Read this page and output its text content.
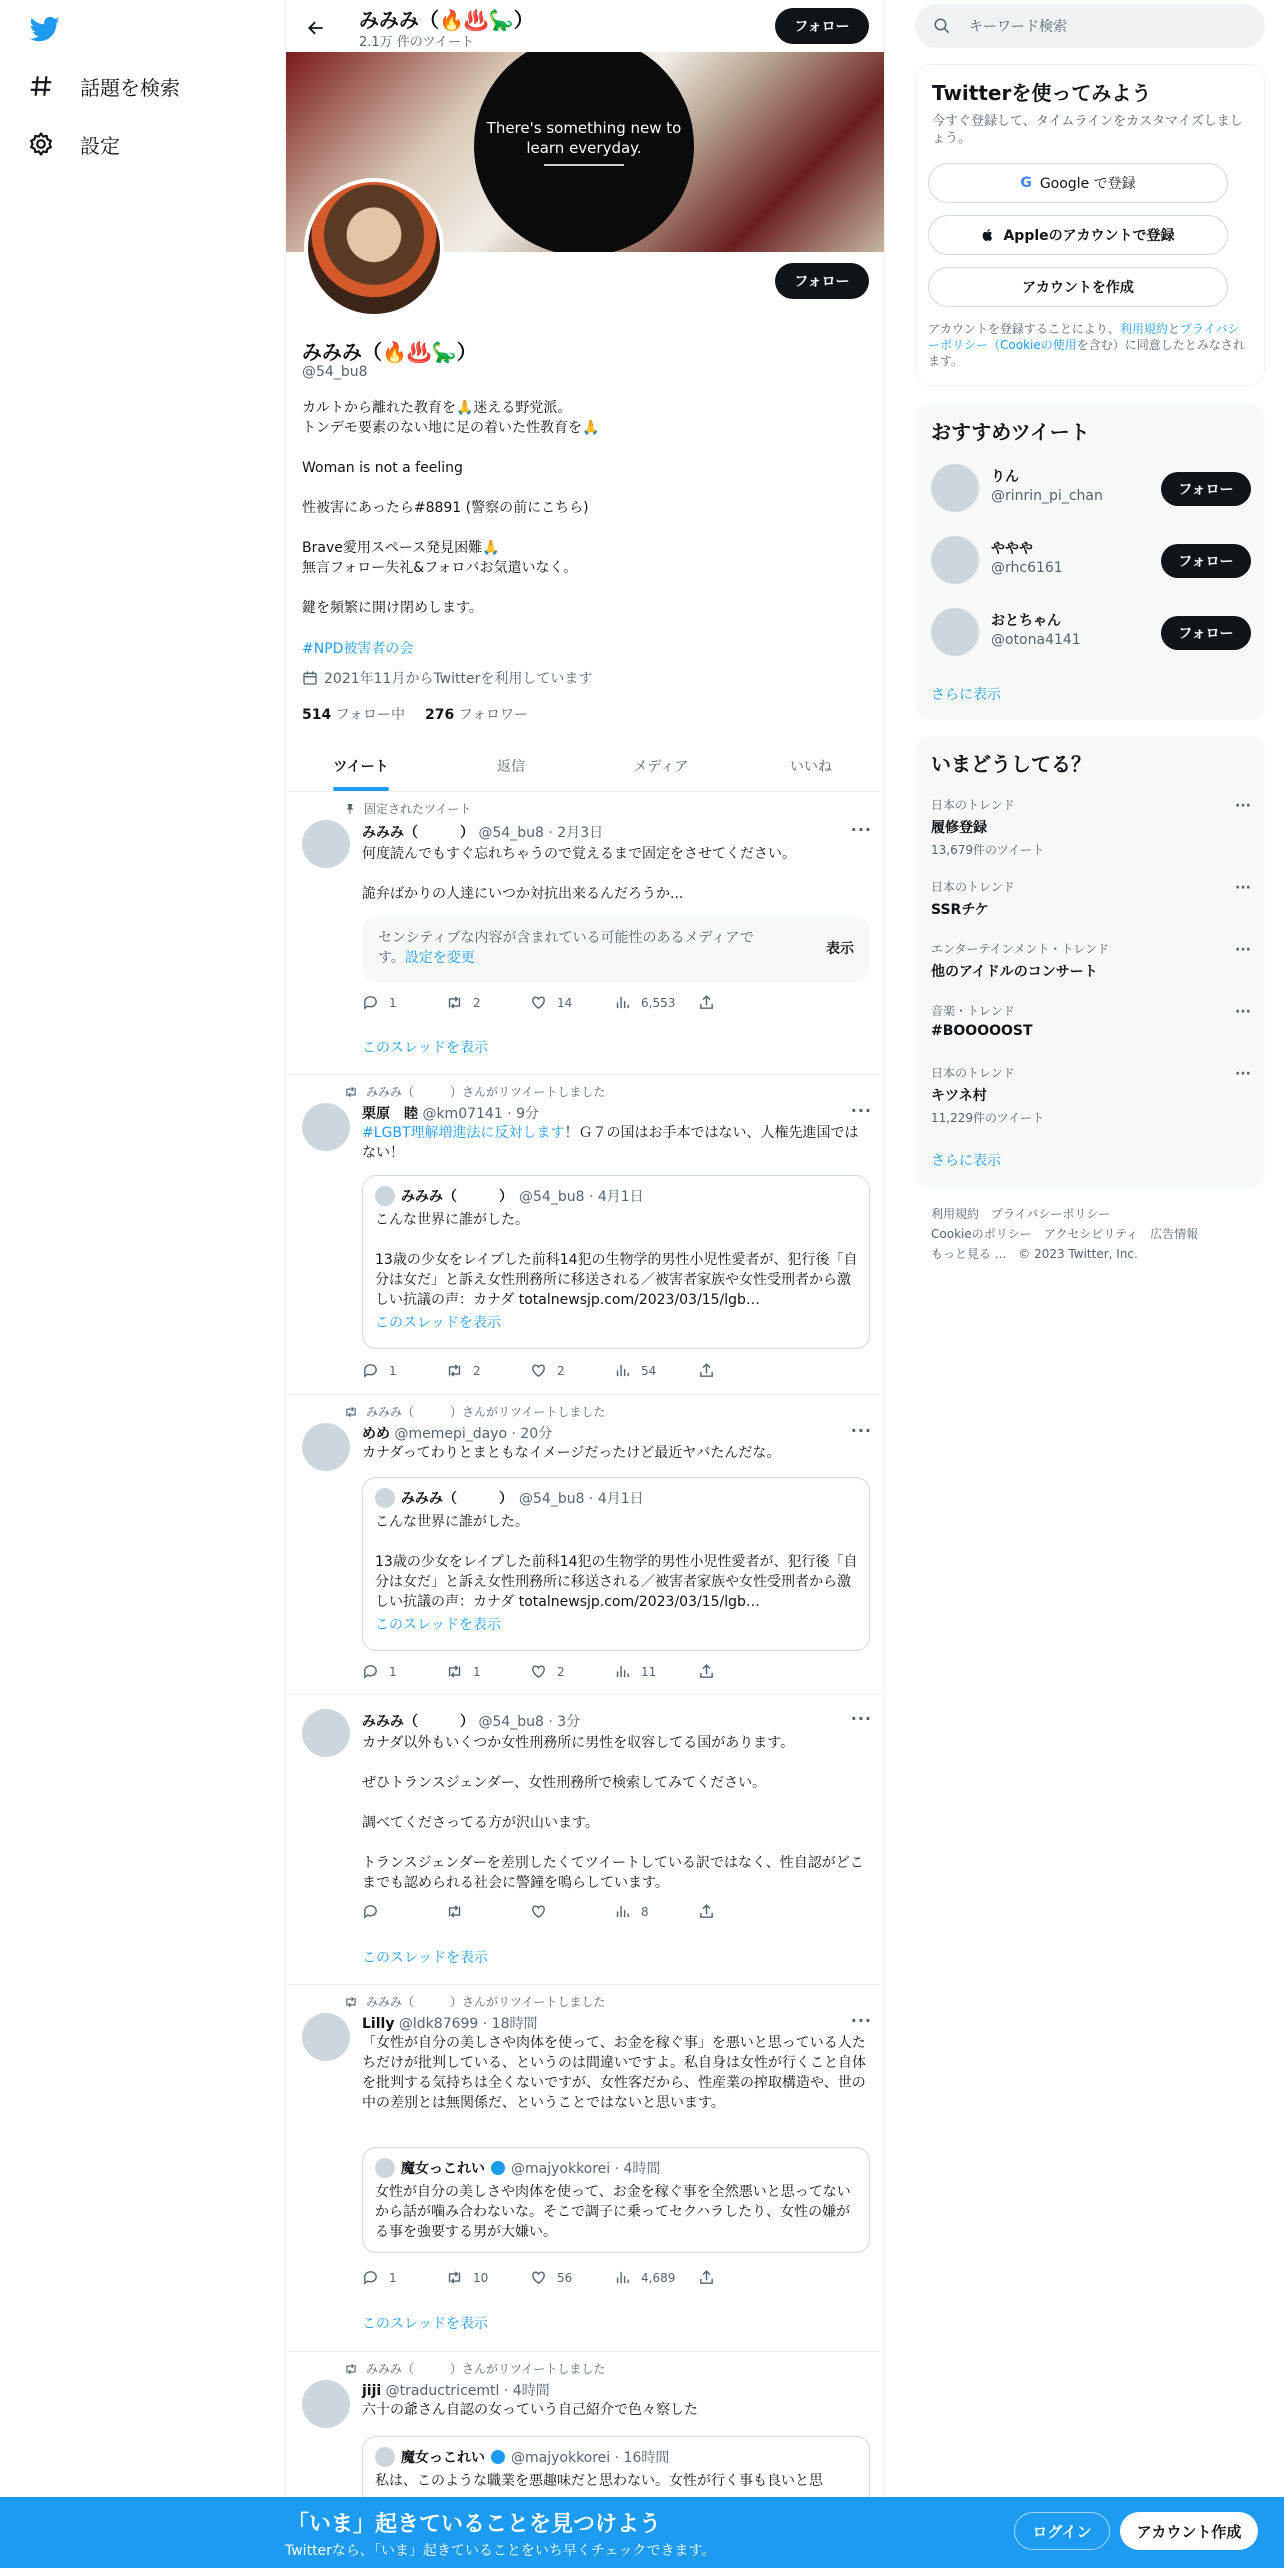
話題を検索
設定
みみみ（🔥♨️🦕）
2.1万 件のツイート
フォロー
There's something new to learn everyday.
フォロー
みみみ（🔥♨️🦕）
@54_bu8
カルトから離れた教育を🙏迷える野党派。
トンデモ要素のない地に足の着いた性教育を🙏

Woman is not a feeling

性被害にあったら#8891 (警察の前にこちら)

Brave愛用スペース発見困難🙏
無言フォロー失礼&フォロバお気遣いなく。

鍵を頻繁に開け閉めします。
#NPD被害者の会
2021年11月からTwitterを利用しています
514 フォロー中 276 フォロワー
ツイート	返信	メディア	いいね
固定されたツイート
みみみ（　　　） @54_bu8 · 2月3日	···
何度読んでもすぐ忘れちゃうので覚えるまで固定をさせてください。

詭弁ばかりの人達にいつか対抗出来るんだろうか...
センシティブな内容が含まれている可能性のあるメディアです。設定を変更
表示
1	2	14	6,553
このスレッドを表示
みみみ（　　　）さんがリツイートしました
栗原　睦 @km07141 · 9分	···
#LGBT理解増進法に反対します！Ｇ７の国はお手本ではない、人権先進国ではない！
みみみ（　　　） @54_bu8 · 4月1日
こんな世界に誰がした。

13歳の少女をレイプした前科14犯の生物学的男性小児性愛者が、犯行後「自分は女だ」と訴え女性刑務所に移送される／被害者家族や女性受刑者から激しい抗議の声：カナダ totalnewsjp.com/2023/03/15/lgb…
このスレッドを表示
1	2	2	54
みみみ（　　　）さんがリツイートしました
めめ @memepi_dayo · 20分	···
カナダってわりとまともなイメージだったけど最近ヤバたんだな。
みみみ（　　　） @54_bu8 · 4月1日
こんな世界に誰がした。

13歳の少女をレイプした前科14犯の生物学的男性小児性愛者が、犯行後「自分は女だ」と訴え女性刑務所に移送される／被害者家族や女性受刑者から激しい抗議の声：カナダ totalnewsjp.com/2023/03/15/lgb…
このスレッドを表示
1	1	2	11
みみみ（　　　） @54_bu8 · 3分	···
カナダ以外もいくつか女性刑務所に男性を収容してる国があります。

ぜひトランスジェンダー、女性刑務所で検索してみてください。

調べてくださってる方が沢山います。

トランスジェンダーを差別したくてツイートしている訳ではなく、性自認がどこまでも認められる社会に警鐘を鳴らしています。
8
このスレッドを表示
みみみ（　　　）さんがリツイートしました
Lilly @ldk87699 · 18時間	···
「女性が自分の美しさや肉体を使って、お金を稼ぐ事」を悪いと思っている人たちだけが批判している、というのは間違いですよ。私自身は女性が行くこと自体を批判する気持ちは全くないですが、女性客だから、性産業の搾取構造や、世の中の差別とは無関係だ、ということではないと思います。
魔女っこれい @majyokkorei · 4時間
女性が自分の美しさや肉体を使って、お金を稼ぐ事を全然悪いと思ってないから話が噛み合わないな。そこで調子に乗ってセクハラしたり、女性の嫌がる事を強要する男が大嫌い。
1	10	56	4,689
このスレッドを表示
みみみ（　　　）さんがリツイートしました
jiji @traductricemtl · 4時間
六十の爺さん自認の女っていう自己紹介で色々察した
魔女っこれい @majyokkorei · 16時間
私は、このような職業を悪趣味だと思わない。女性が行く事も良いと思
キーワード検索
Twitterを使ってみよう
今すぐ登録して、タイムラインをカスタマイズしましょう。
G Google で登録
Appleのアカウントで登録
アカウントを作成
アカウントを登録することにより、利用規約とプライバシーポリシー（Cookieの使用を含む）に同意したとみなされます。
おすすめツイート
りん
@rinrin_pi_chan	フォロー
ややや
@rhc6161	フォロー
おとちゃん
@otona4141	フォロー
さらに表示
いまどうしてる？
日本のトレンド
履修登録
13,679件のツイート
···
日本のトレンド
SSRチケ
···
エンターテインメント・トレンド
他のアイドルのコンサート
···
音楽・トレンド
#BOOOOOST
···
日本のトレンド
キツネ村
11,229件のツイート
···
さらに表示
利用規約　プライバシーポリシー
Cookieのポリシー　アクセシビリティ　広告情報
もっと見る ...　© 2023 Twitter, Inc.
「いま」起きていることを見つけよう
Twitterなら、「いま」起きていることをいち早くチェックできます。
ログイン	アカウント作成
